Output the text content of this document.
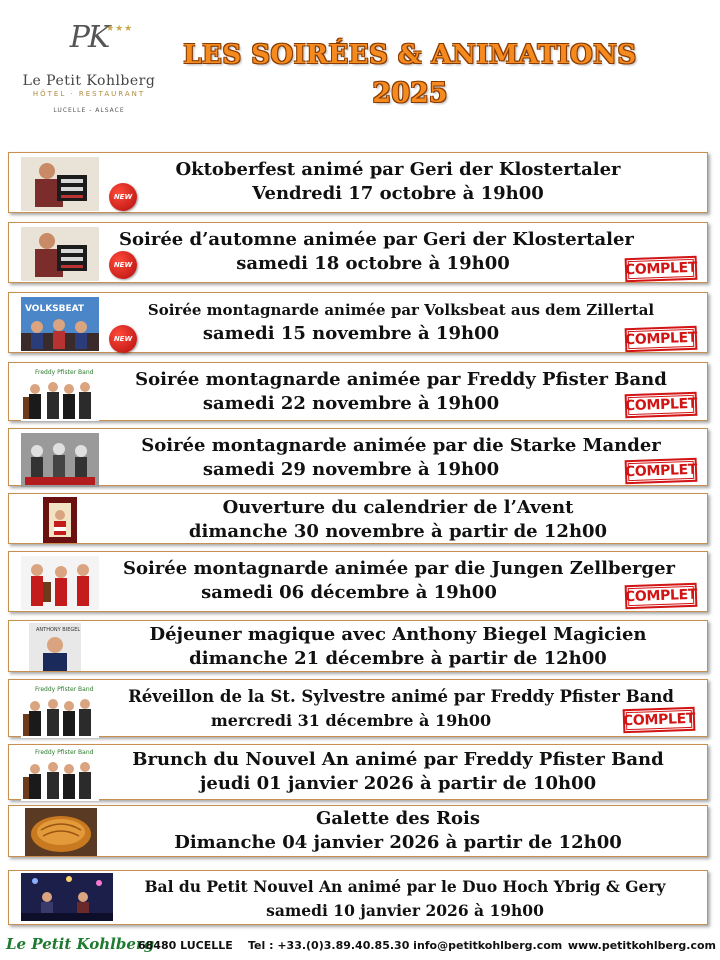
PK
★★★
Le Petit Kohlberg
HÔTEL · RESTAURANT
LUCELLE - ALSACE
LES SOIRÉES & ANIMATIONS
2025
NEW
Oktoberfest animé par Geri der Klostertaler
Vendredi 17 octobre à 19h00
NEW
Soirée d’automne animée par Geri der Klostertaler
samedi 18 octobre à 19h00	COMPLET
VOLKSBEAT
NEW
Soirée montagnarde animée par Volksbeat aus dem Zillertal
samedi 15 novembre à 19h00	COMPLET
Freddy Pfister Band	Soirée montagnarde animée par Freddy Pfister Band
samedi 22 novembre à 19h00	COMPLET
Soirée montagnarde animée par die Starke Mander
samedi 29 novembre à 19h00	COMPLET
Ouverture du calendrier de l’Avent
dimanche 30 novembre à partir de 12h00
Soirée montagnarde animée par die Jungen Zellberger
samedi 06 décembre à 19h00	COMPLET
ANTHONY BIEGEL	Déjeuner magique avec Anthony Biegel Magicien
dimanche 21 décembre à partir de 12h00
Freddy Pfister Band	Réveillon de la St. Sylvestre animé par Freddy Pfister Band
mercredi 31 décembre à 19h00	COMPLET
Freddy Pfister Band	Brunch du Nouvel An animé par Freddy Pfister Band
jeudi 01 janvier 2026 à partir de 10h00
Galette des Rois
Dimanche 04 janvier 2026 à partir de 12h00
Bal du Petit Nouvel An animé par le Duo Hoch Ybrig & Gery
samedi 10 janvier 2026 à 19h00
Le Petit Kohlberg
68480 LUCELLE Tel : +33.(0)3.89.40.85.30 info@petitkohlberg.com www.petitkohlberg.com
